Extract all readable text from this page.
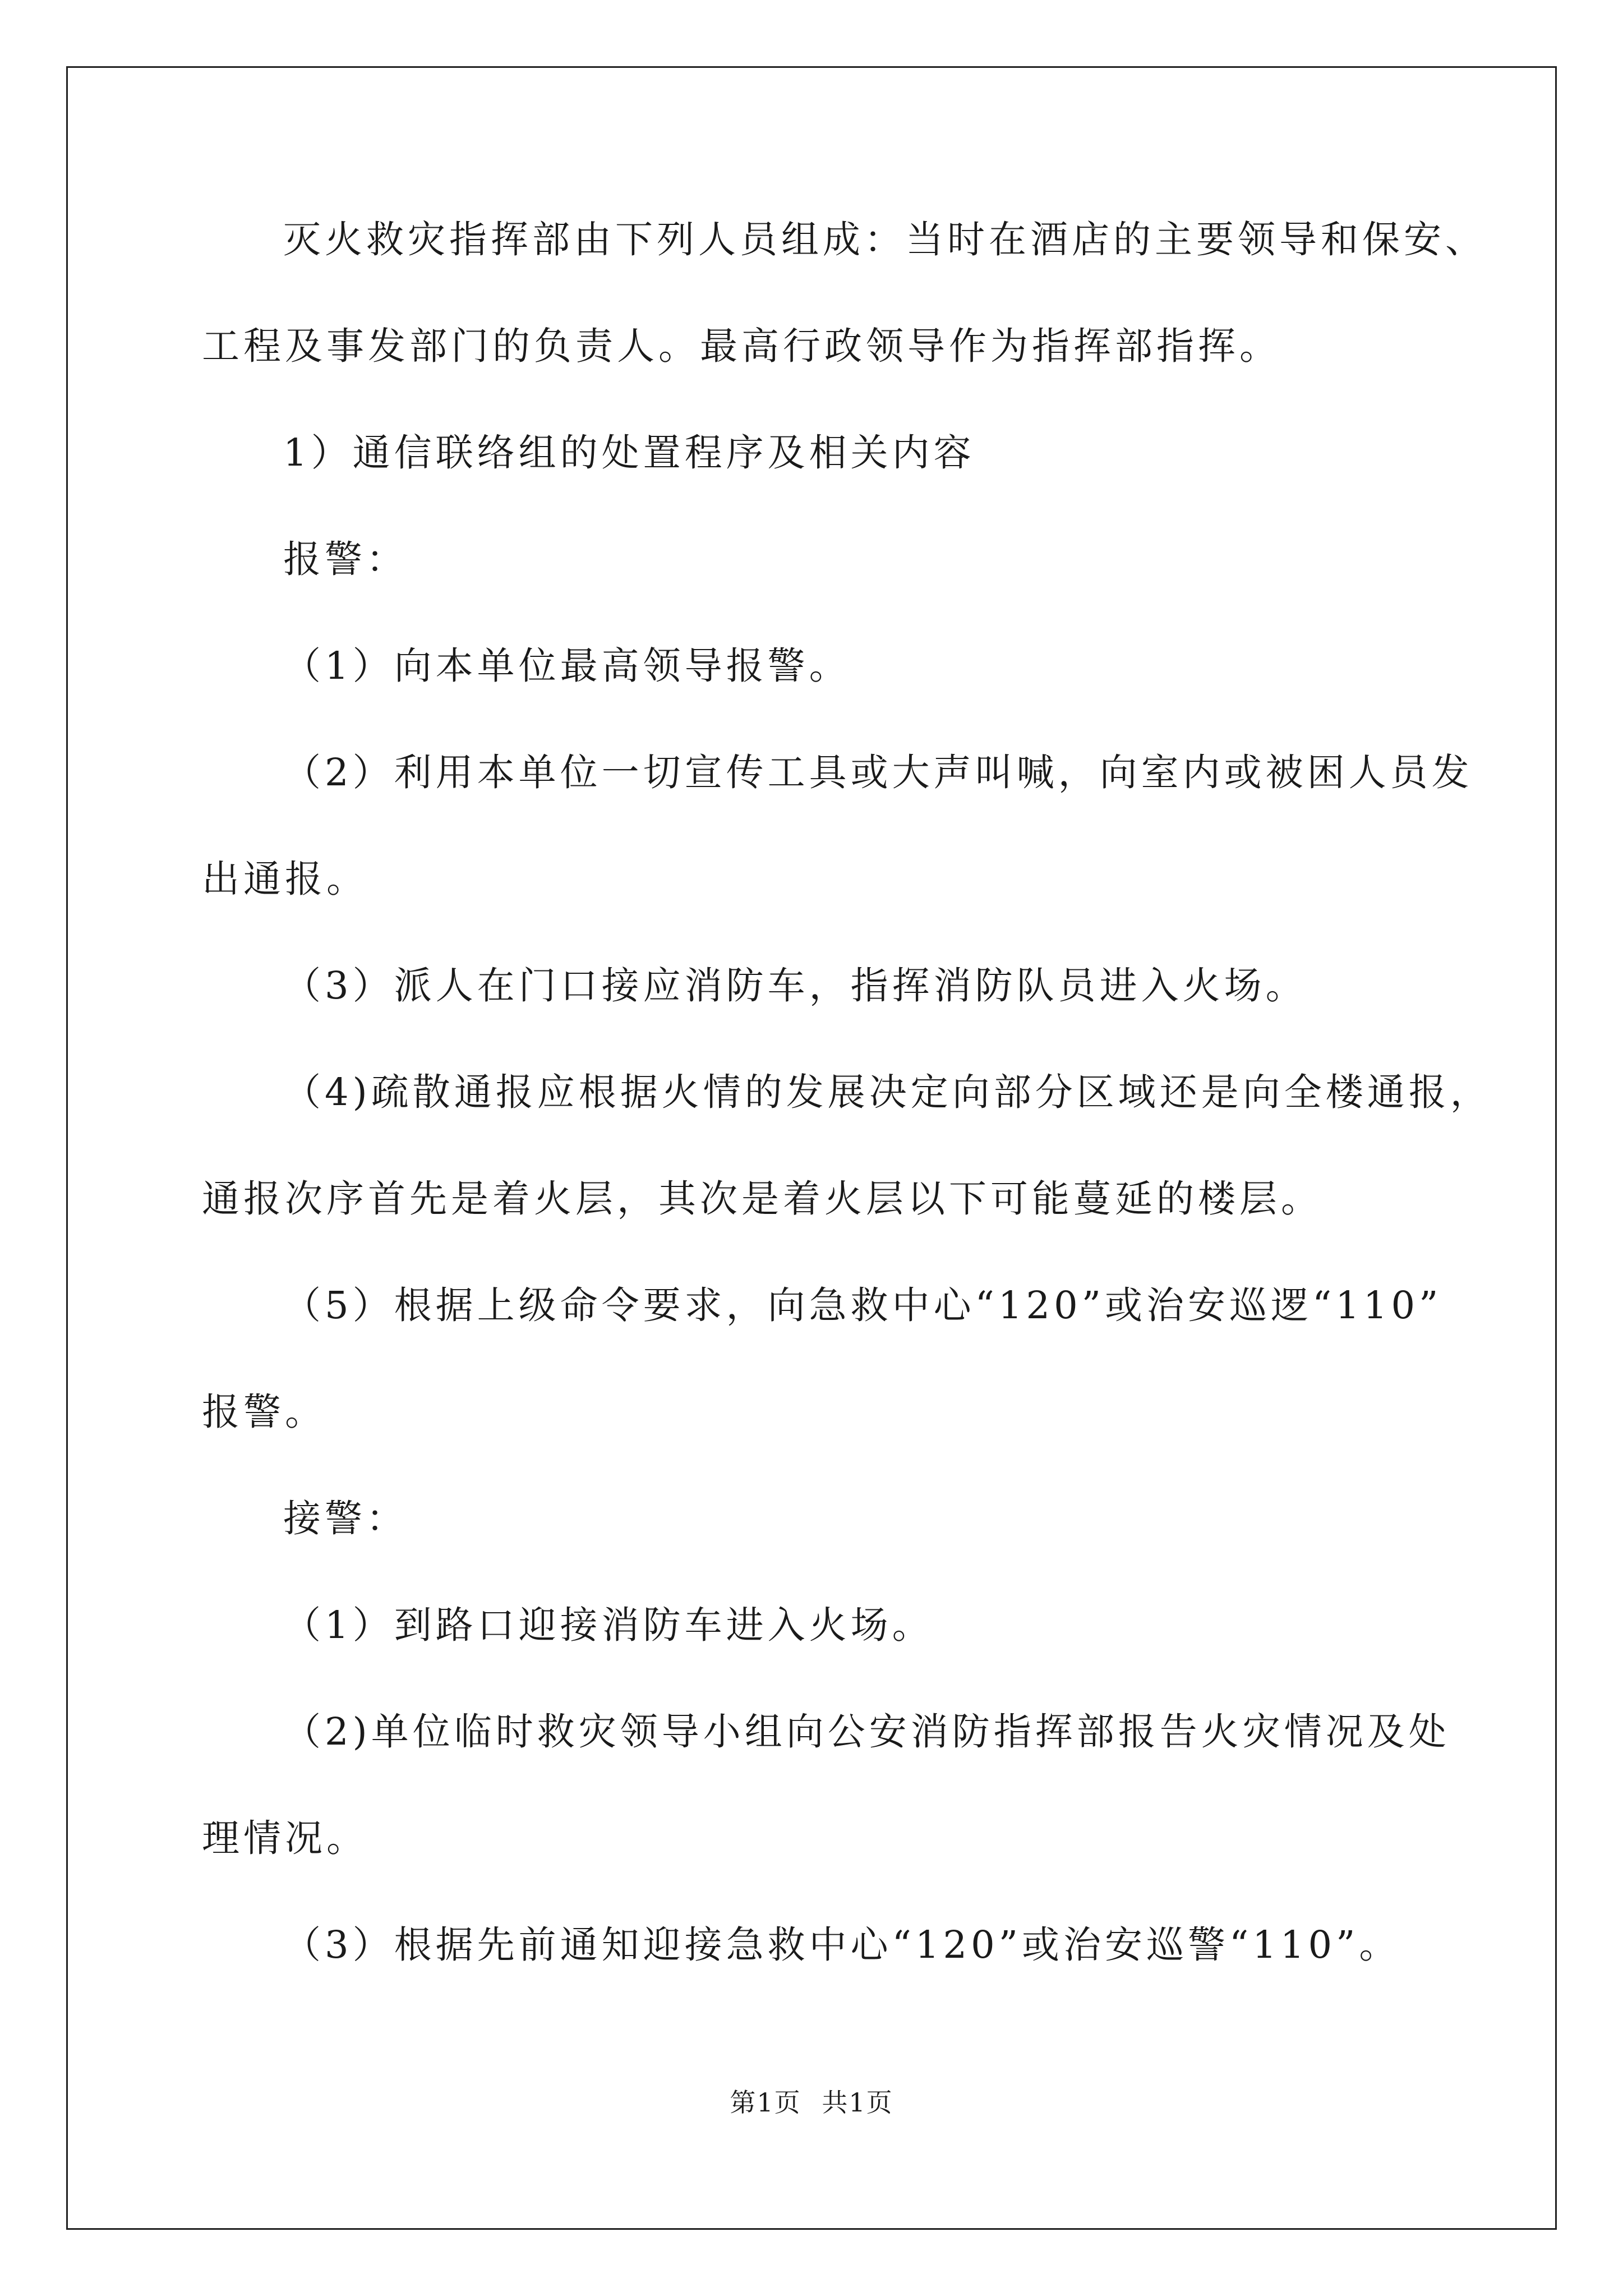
灭火救灾指挥部由下列人员组成：当时在酒店的主要领导和保安、
工程及事发部门的负责人。最高行政领导作为指挥部指挥。
1）通信联络组的处置程序及相关内容
报警：
（1）向本单位最高领导报警。
（2）利用本单位一切宣传工具或大声叫喊，向室内或被困人员发
出通报。
（3）派人在门口接应消防车，指挥消防队员进入火场。
（4)疏散通报应根据火情的发展决定向部分区域还是向全楼通报，
通报次序首先是着火层，其次是着火层以下可能蔓延的楼层。
（5）根据上级命令要求，向急救中心“120”或治安巡逻“110”
报警。
接警：
（1）到路口迎接消防车进入火场。
（2)单位临时救灾领导小组向公安消防指挥部报告火灾情况及处
理情况。
（3）根据先前通知迎接急救中心“120”或治安巡警“110”。

第1页 共1页
